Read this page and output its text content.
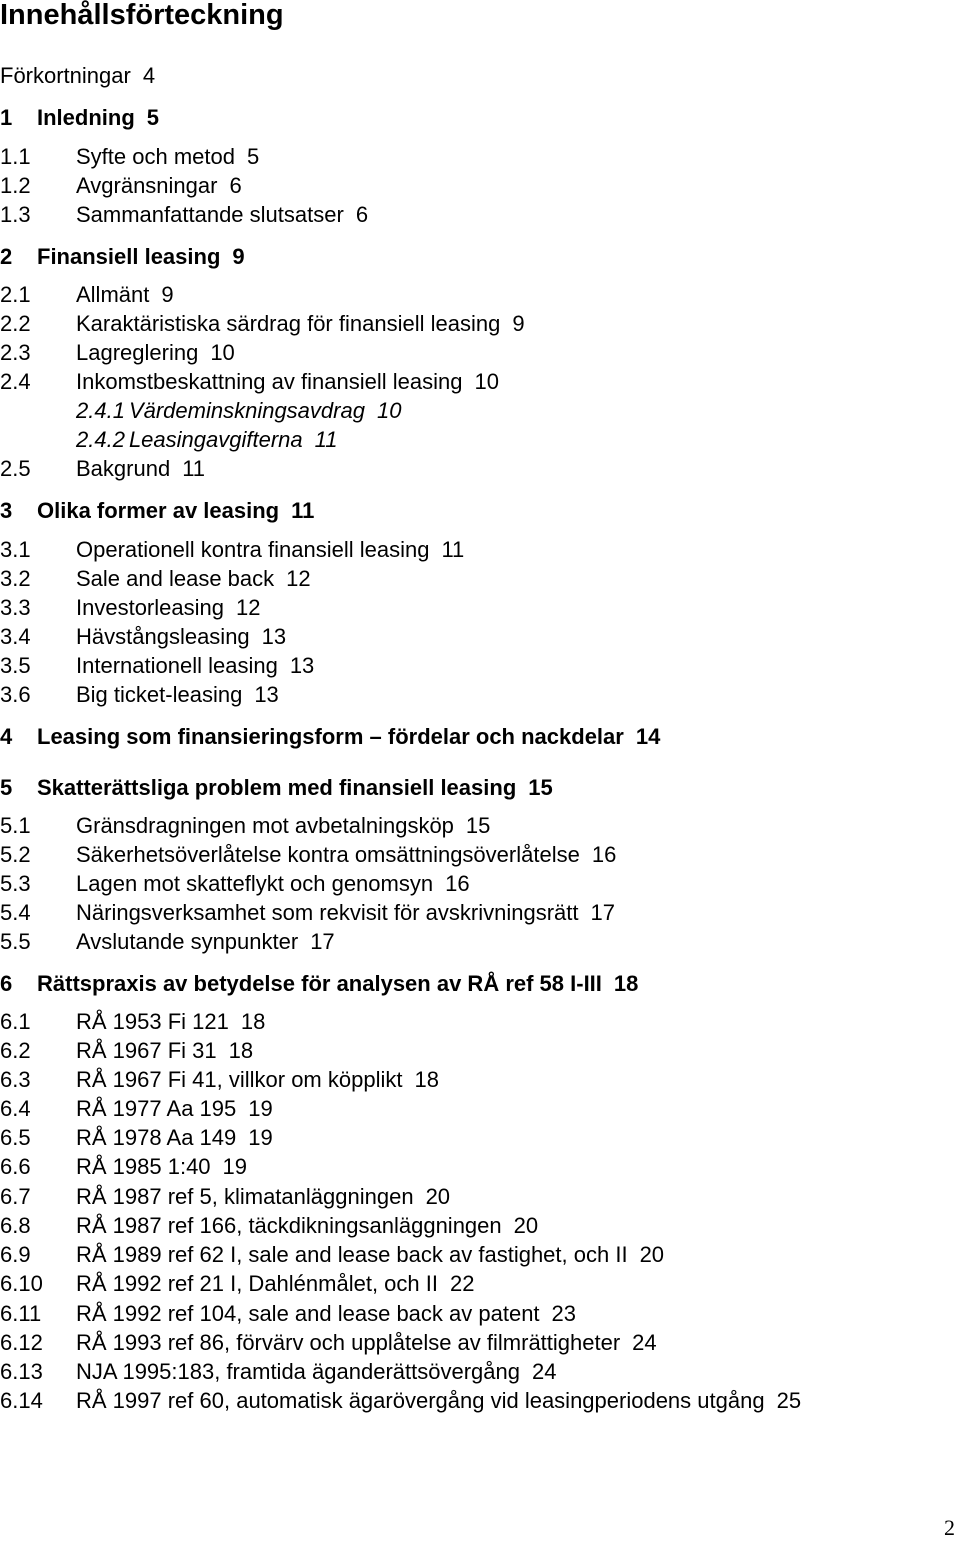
Innehållsförteckning
Förkortningar 4
1 Inledning 5
1.1 Syfte och metod 5
1.2 Avgränsningar 6
1.3 Sammanfattande slutsatser 6
2 Finansiell leasing 9
2.1 Allmänt 9
2.2 Karaktäristiska särdrag för finansiell leasing 9
2.3 Lagreglering 10
2.4 Inkomstbeskattning av finansiell leasing 10
2.4.1 Värdeminskningsavdrag 10
2.4.2 Leasingavgifterna 11
2.5 Bakgrund 11
3 Olika former av leasing 11
3.1 Operationell kontra finansiell leasing 11
3.2 Sale and lease back 12
3.3 Investorleasing 12
3.4 Hävstångsleasing 13
3.5 Internationell leasing 13
3.6 Big ticket-leasing 13
4 Leasing som finansieringsform – fördelar och nackdelar 14
5 Skatterättsliga problem med finansiell leasing 15
5.1 Gränsdragningen mot avbetalningsköp 15
5.2 Säkerhetsöverlåtelse kontra omsättningsöverlåtelse 16
5.3 Lagen mot skatteflykt och genomsyn 16
5.4 Näringsverksamhet som rekvisit för avskrivningsrätt 17
5.5 Avslutande synpunkter 17
6 Rättspraxis av betydelse för analysen av RÅ ref 58 I-III 18
6.1 RÅ 1953 Fi 121 18
6.2 RÅ 1967 Fi 31 18
6.3 RÅ 1967 Fi 41, villkor om köpplikt 18
6.4 RÅ 1977 Aa 195 19
6.5 RÅ 1978 Aa 149 19
6.6 RÅ 1985 1:40 19
6.7 RÅ 1987 ref 5, klimatanläggningen 20
6.8 RÅ 1987 ref 166, täckdikningsanläggningen 20
6.9 RÅ 1989 ref 62 I, sale and lease back av fastighet, och II 20
6.10 RÅ 1992 ref 21 I, Dahlénmålet, och II 22
6.11 RÅ 1992 ref 104, sale and lease back av patent 23
6.12 RÅ 1993 ref 86, förvärv och upplåtelse av filmrättigheter 24
6.13 NJA 1995:183, framtida äganderättsövergång 24
6.14 RÅ 1997 ref 60, automatisk ägarövergång vid leasingperiodens utgång 25
2
